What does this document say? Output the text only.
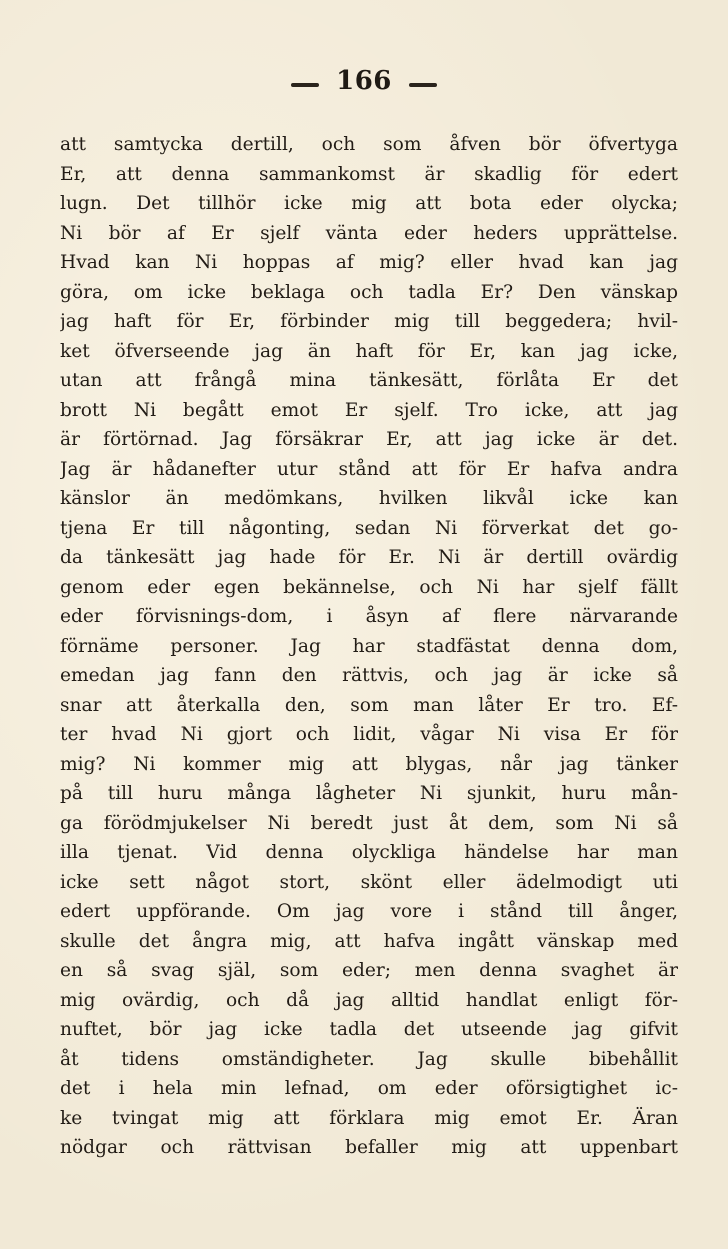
166
att samtycka dertill, och som åfven bör öfvertyga
Er, att denna sammankomst är skadlig för edert
lugn. Det tillhör icke mig att bota eder olycka;
Ni bör af Er sjelf vänta eder heders upprättelse.
Hvad kan Ni hoppas af mig? eller hvad kan jag
göra, om icke beklaga och tadla Er? Den vänskap
jag haft för Er, förbinder mig till beggedera; hvil-
ket öfverseende jag än haft för Er, kan jag icke,
utan att frångå mina tänkesätt, förlåta Er det
brott Ni begått emot Er sjelf. Tro icke, att jag
är förtörnad. Jag försäkrar Er, att jag icke är det.
Jag är hådanefter utur stånd att för Er hafva andra
känslor än medömkans, hvilken likvål icke kan
tjena Er till någonting, sedan Ni förverkat det go-
da tänkesätt jag hade för Er. Ni är dertill ovärdig
genom eder egen bekännelse, och Ni har sjelf fällt
eder förvisnings-dom, i åsyn af flere närvarande
förnäme personer. Jag har stadfästat denna dom,
emedan jag fann den rättvis, och jag är icke så
snar att återkalla den, som man låter Er tro. Ef-
ter hvad Ni gjort och lidit, vågar Ni visa Er för
mig? Ni kommer mig att blygas, når jag tänker
på till huru många lågheter Ni sjunkit, huru mån-
ga förödmjukelser Ni beredt just åt dem, som Ni så
illa tjenat. Vid denna olyckliga händelse har man
icke sett något stort, skönt eller ädelmodigt uti
edert uppförande. Om jag vore i stånd till ånger,
skulle det ångra mig, att hafva ingått vänskap med
en så svag själ, som eder; men denna svaghet är
mig ovärdig, och då jag alltid handlat enligt för-
nuftet, bör jag icke tadla det utseende jag gifvit
åt tidens omständigheter. Jag skulle bibehållit
det i hela min lefnad, om eder oförsigtighet ic-
ke tvingat mig att förklara mig emot Er. Äran
nödgar och rättvisan befaller mig att uppenbart
